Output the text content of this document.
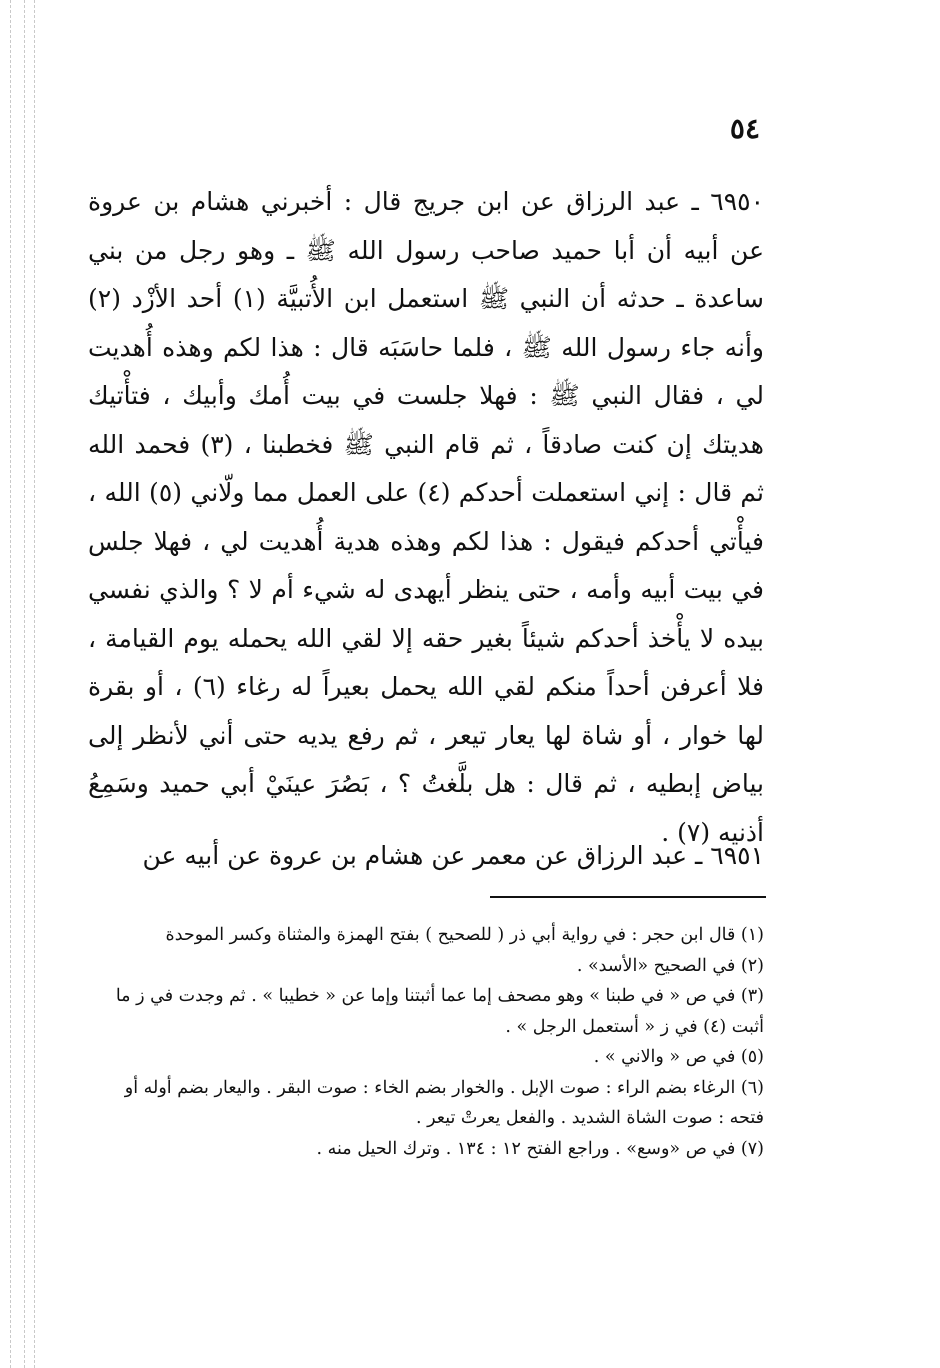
٥٤

٦٩٥٠ ـ عبد الرزاق عن ابن جريج قال : أخبرني هشام بن عروة عن أبيه أن أبا حميد صاحب رسول الله ﷺ ـ وهو رجل من بني ساعدة ـ حدثه أن النبي ﷺ استعمل ابن الأُتبيَّة (١) أحد الأزْد (٢) وأنه جاء رسول الله ﷺ ، فلما حاسَبَه قال : هذا لكم وهذه أُهديت لي ، فقال النبي ﷺ : فهلا جلست في بيت أُمك وأبيك ، فتأْتيك هديتك إن كنت صادقاً ، ثم قام النبي ﷺ فخطبنا ، (٣) فحمد الله ثم قال : إني استعملت أحدكم (٤) على العمل مما ولّاني (٥) الله ، فيأْتي أحدكم فيقول : هذا لكم وهذه هدية أُهديت لي ، فهلا جلس في بيت أبيه وأمه ، حتى ينظر أيهدى له شيء أم لا ؟ والذي نفسي بيده لا يأْخذ أحدكم شيئاً بغير حقه إلا لقي الله يحمله يوم القيامة ، فلا أعرفن أحداً منكم لقي الله يحمل بعيراً له رغاء (٦) ، أو بقرة لها خوار ، أو شاة لها يعار تيعر ، ثم رفع يديه حتى أني لأنظر إلى بياض إبطيه ، ثم قال : هل بلَّغتُ ؟ ، بَصُرَ عينَيْ أبي حميد وسَمِعُ أذنيه (٧) .

٦٩٥١ ـ عبد الرزاق عن معمر عن هشام بن عروة عن أبيه عن

(١) قال ابن حجر : في رواية أبي ذر ( للصحيح ) بفتح الهمزة والمثناة وكسر الموحدة

(٢) في الصحيح «الأسد» .

(٣) في ص « في طبنا » وهو مصحف إما عما أثبتنا وإما عن « خطيبا » . ثم وجدت في ز ما أثبت (٤) في ز « أستعمل الرجل » .

(٥) في ص « والاني » .

(٦) الرغاء بضم الراء : صوت الإبل . والخوار بضم الخاء : صوت البقر . واليعار بضم أوله أو فتحه : صوت الشاة الشديد . والفعل يعرتْ تيعر .

(٧) في ص «وسع» . وراجع الفتح ١٢ : ١٣٤ . وترك الحيل منه .
